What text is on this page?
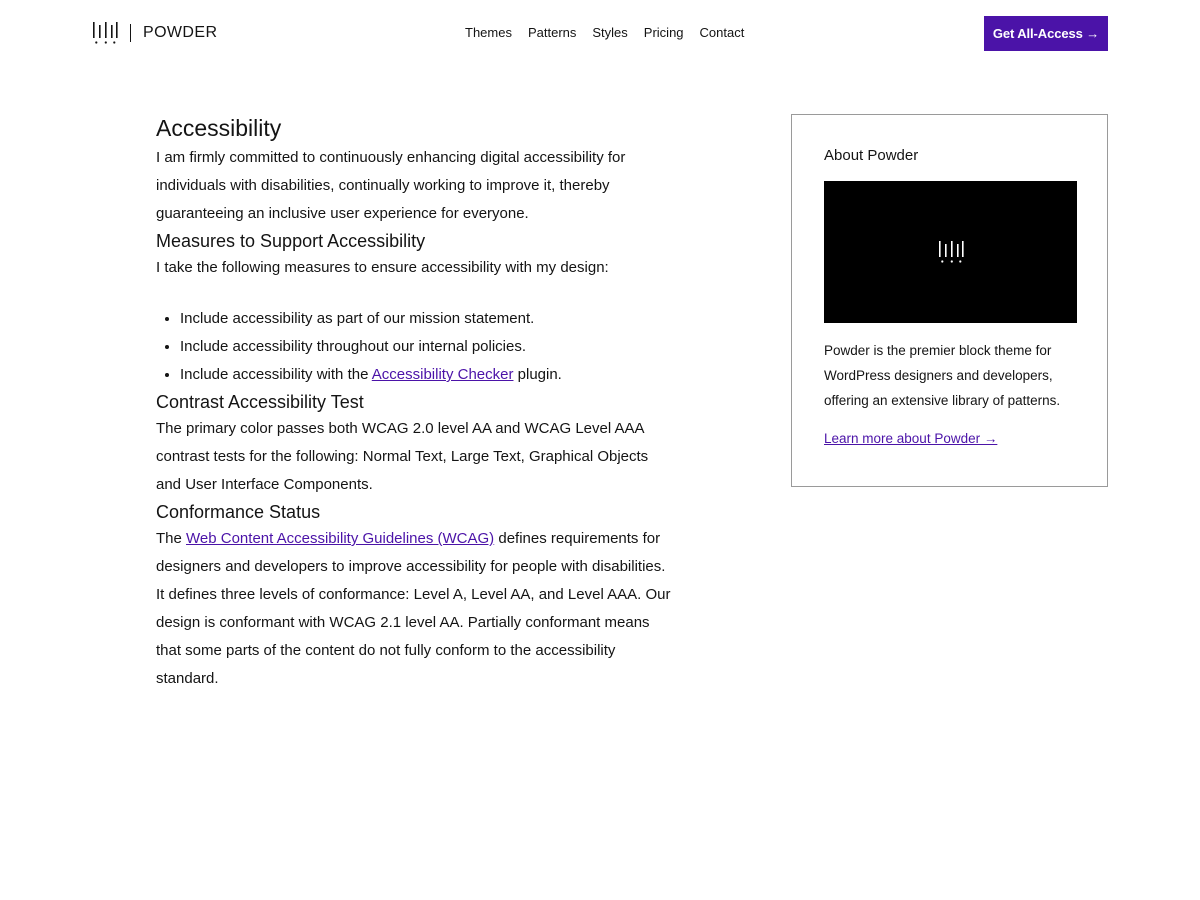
POWDER	Themes Patterns Styles Pricing Contact	Get All-Access →
Accessibility

I am firmly committed to continuously enhancing digital accessibility for individuals with disabilities, continually working to improve it, thereby guaranteeing an inclusive user experience for everyone.

Measures to Support Accessibility

I take the following measures to ensure accessibility with my design:

• Include accessibility as part of our mission statement.
• Include accessibility throughout our internal policies.
• Include accessibility with the Accessibility Checker plugin.
Contrast Accessibility Test

The primary color passes both WCAG 2.0 level AA and WCAG Level AAA contrast tests for the following: Normal Text, Large Text, Graphical Objects and User Interface Components.

Conformance Status

The Web Content Accessibility Guidelines (WCAG) defines requirements for designers and developers to improve accessibility for people with disabilities. It defines three levels of conformance: Level A, Level AA, and Level AAA. Our design is conformant with WCAG 2.1 level AA. Partially conformant means that some parts of the content do not fully conform to the accessibility standard.

About Powder

Powder is the premier block theme for WordPress designers and developers, offering an extensive library of patterns.

Learn more about Powder →
